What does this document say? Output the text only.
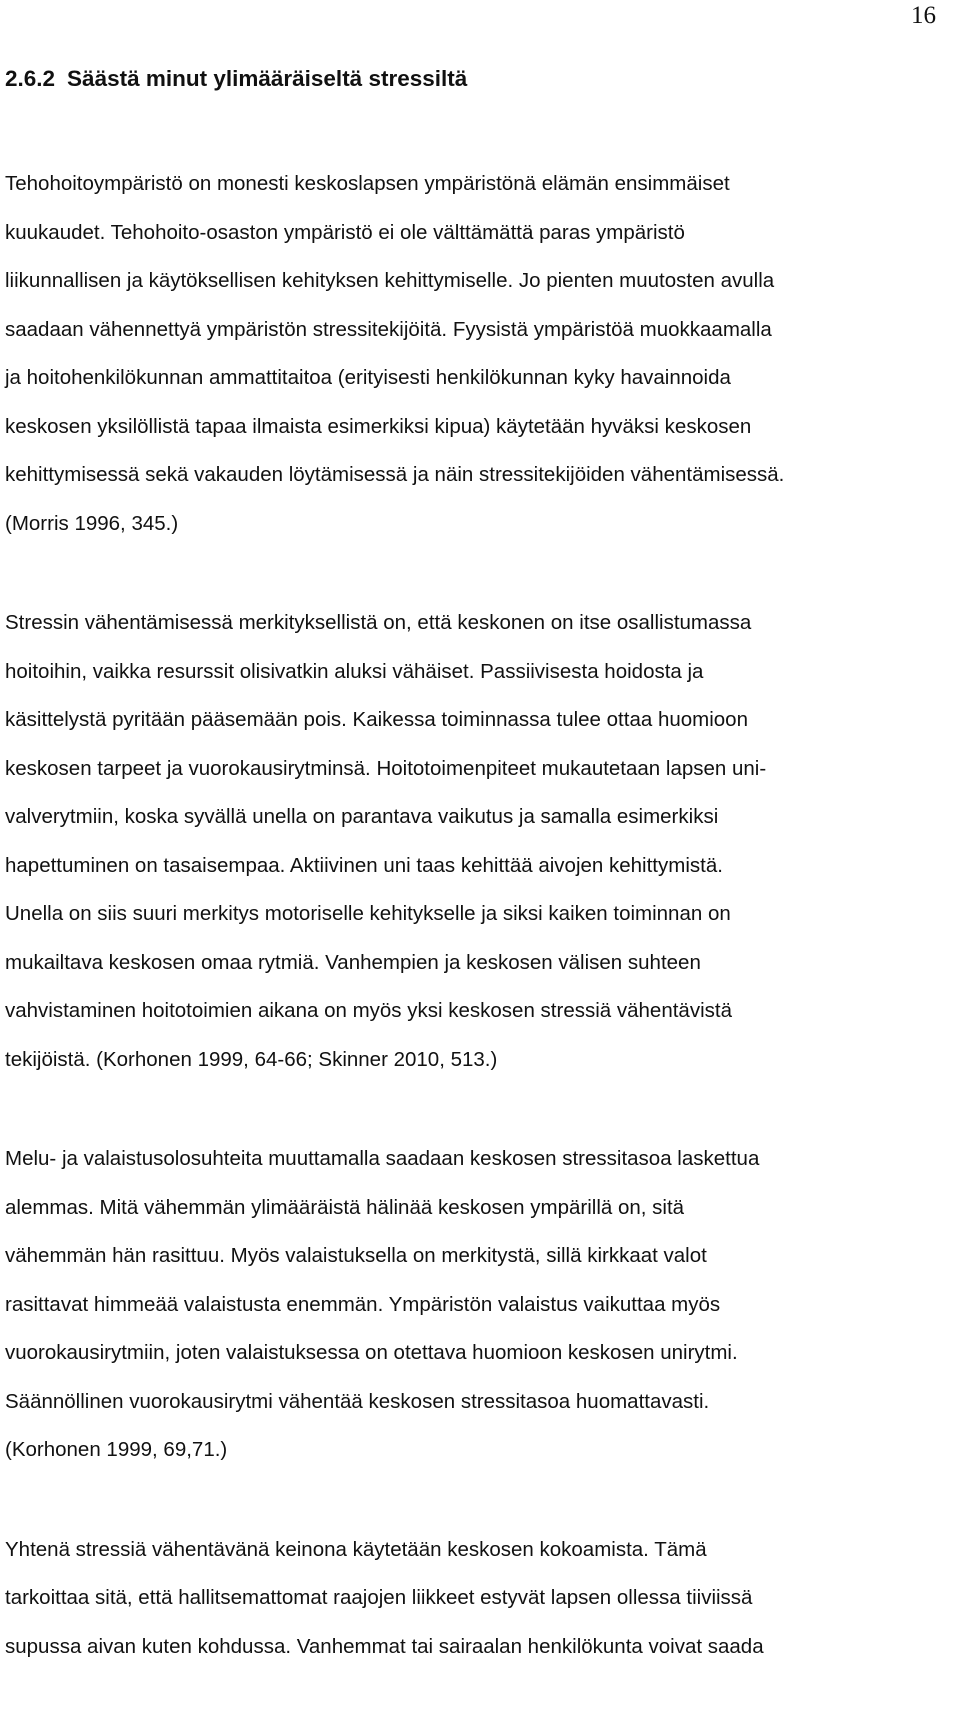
16
2.6.2 Säästä minut ylimääräiseltä stressiltä

Tehohoitoympäristö on monesti keskoslapsen ympäristönä elämän ensimmäiset
kuukaudet. Tehohoito-osaston ympäristö ei ole välttämättä paras ympäristö
liikunnallisen ja käytöksellisen kehityksen kehittymiselle. Jo pienten muutosten avulla
saadaan vähennettyä ympäristön stressitekijöitä. Fyysistä ympäristöä muokkaamalla
ja hoitohenkilökunnan ammattitaitoa (erityisesti henkilökunnan kyky havainnoida
keskosen yksilöllistä tapaa ilmaista esimerkiksi kipua) käytetään hyväksi keskosen
kehittymisessä sekä vakauden löytämisessä ja näin stressitekijöiden vähentämisessä.
(Morris 1996, 345.)

Stressin vähentämisessä merkityksellistä on, että keskonen on itse osallistumassa
hoitoihin, vaikka resurssit olisivatkin aluksi vähäiset. Passiivisesta hoidosta ja
käsittelystä pyritään pääsemään pois. Kaikessa toiminnassa tulee ottaa huomioon
keskosen tarpeet ja vuorokausirytminsä. Hoitotoimenpiteet mukautetaan lapsen uni-
valverytmiin, koska syvällä unella on parantava vaikutus ja samalla esimerkiksi
hapettuminen on tasaisempaa. Aktiivinen uni taas kehittää aivojen kehittymistä.
Unella on siis suuri merkitys motoriselle kehitykselle ja siksi kaiken toiminnan on
mukailtava keskosen omaa rytmiä. Vanhempien ja keskosen välisen suhteen
vahvistaminen hoitotoimien aikana on myös yksi keskosen stressiä vähentävistä
tekijöistä. (Korhonen 1999, 64-66; Skinner 2010, 513.)

Melu- ja valaistusolosuhteita muuttamalla saadaan keskosen stressitasoa laskettua
alemmas. Mitä vähemmän ylimääräistä hälinää keskosen ympärillä on, sitä
vähemmän hän rasittuu. Myös valaistuksella on merkitystä, sillä kirkkaat valot
rasittavat himmeää valaistusta enemmän. Ympäristön valaistus vaikuttaa myös
vuorokausirytmiin, joten valaistuksessa on otettava huomioon keskosen unirytmi.
Säännöllinen vuorokausirytmi vähentää keskosen stressitasoa huomattavasti.
(Korhonen 1999, 69,71.)

Yhtenä stressiä vähentävänä keinona käytetään keskosen kokoamista. Tämä
tarkoittaa sitä, että hallitsemattomat raajojen liikkeet estyvät lapsen ollessa tiiviissä
supussa aivan kuten kohdussa. Vanhemmat tai sairaalan henkilökunta voivat saada
